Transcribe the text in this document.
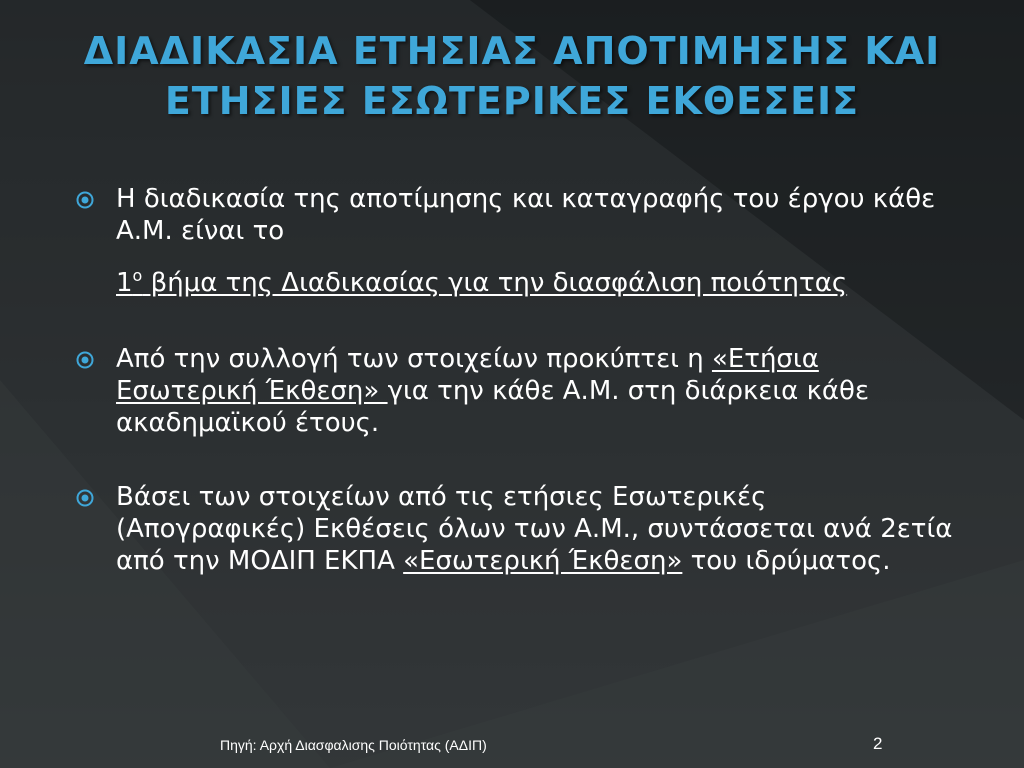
ΔΙΑΔΙΚΑΣΙΑ ΕΤΗΣΙΑΣ ΑΠΟΤΙΜΗΣΗΣ ΚΑΙ
ΕΤΗΣΙΕΣ ΕΣΩΤΕΡΙΚΕΣ ΕΚΘΕΣΕΙΣ
Η διαδικασία της αποτίμησης και καταγραφής του έργου κάθε Α.Μ. είναι το
$1^o$ βήμα της Διαδικασίας για την διασφάλιση ποιότητας
Από την συλλογή των στοιχείων προκύπτει η «Ετήσια Εσωτερική Έκθεση» για την κάθε Α.Μ. στη διάρκεια κάθε ακαδημαϊκού έτους.
Βάσει των στοιχείων από τις ετήσιες Εσωτερικές (Απογραφικές) Εκθέσεις όλων των Α.Μ., συντάσσεται ανά 2ετία από την ΜΟΔΙΠ ΕΚΠΑ «Εσωτερική Έκθεση» του ιδρύματος.
Πηγή: Αρχή Διασφαλισης Ποιότητας (ΑΔΙΠ)	2
